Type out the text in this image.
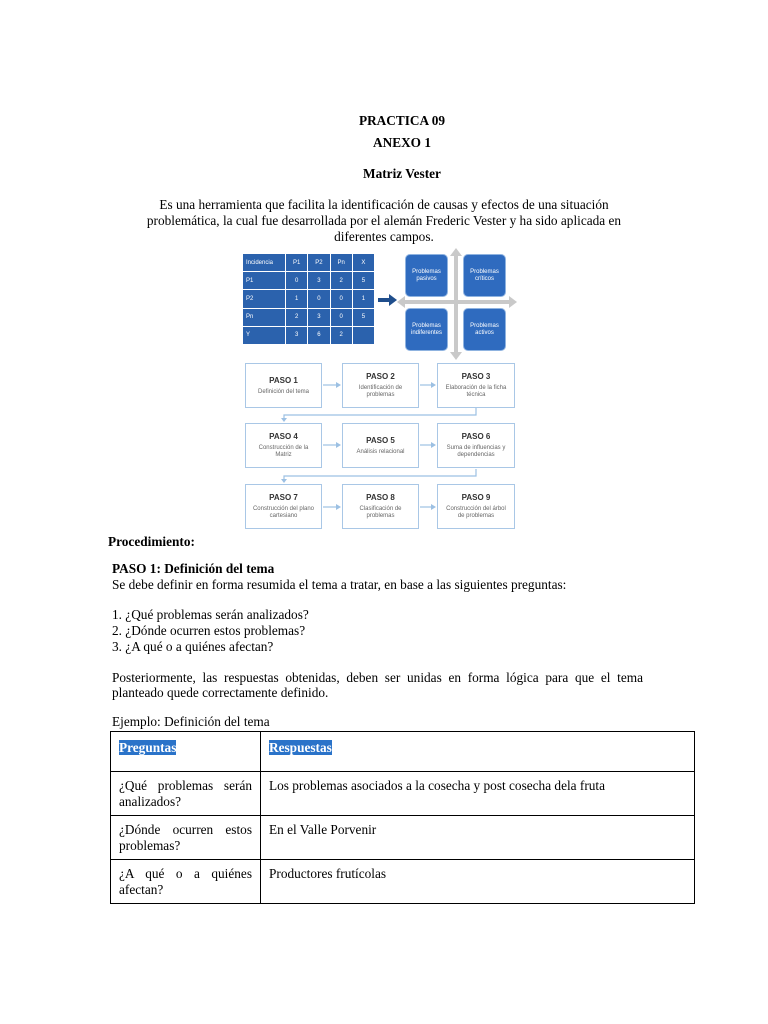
PRACTICA 09
ANEXO 1
Matriz Vester
Es una herramienta que facilita la identificación de causas y efectos de una situación
problemática, la cual fue desarrollada por el alemán Frederic Vester y ha sido aplicada en
diferentes campos.
Incidencia	P1	P2	Pn	X
P1	0	3	2	5
P2	1	0	0	1
Pn	2	3	0	5
Y	3	6	2
Problemas pasivos
Problemas críticos
Problemas indiferentes
Problemas activos
PASO 1
Definición del tema
PASO 2
Identificación de problemas
PASO 3
Elaboración de la ficha técnica
PASO 4
Construcción de la Matriz
PASO 5
Análisis relacional
PASO 6
Suma de influencias y dependencias
PASO 7
Construcción del plano cartesiano
PASO 8
Clasificación de problemas
PASO 9
Construcción del árbol de problemas
Procedimiento:
PASO 1: Definición del tema
Se debe definir en forma resumida el tema a tratar, en base a las siguientes preguntas:
1. ¿Qué problemas serán analizados?
2. ¿Dónde ocurren estos problemas?
3. ¿A qué o a quiénes afectan?
Posteriormente, las respuestas obtenidas, deben ser unidas en forma lógica para que el tema
planteado quede correctamente definido.
Ejemplo: Definición del tema
Preguntas	Respuestas
¿Qué problemas serán analizados?	Los problemas asociados a la cosecha y post cosecha dela fruta
¿Dónde ocurren estos problemas?	En el Valle Porvenir
¿A qué o a quiénes afectan?	Productores frutícolas
